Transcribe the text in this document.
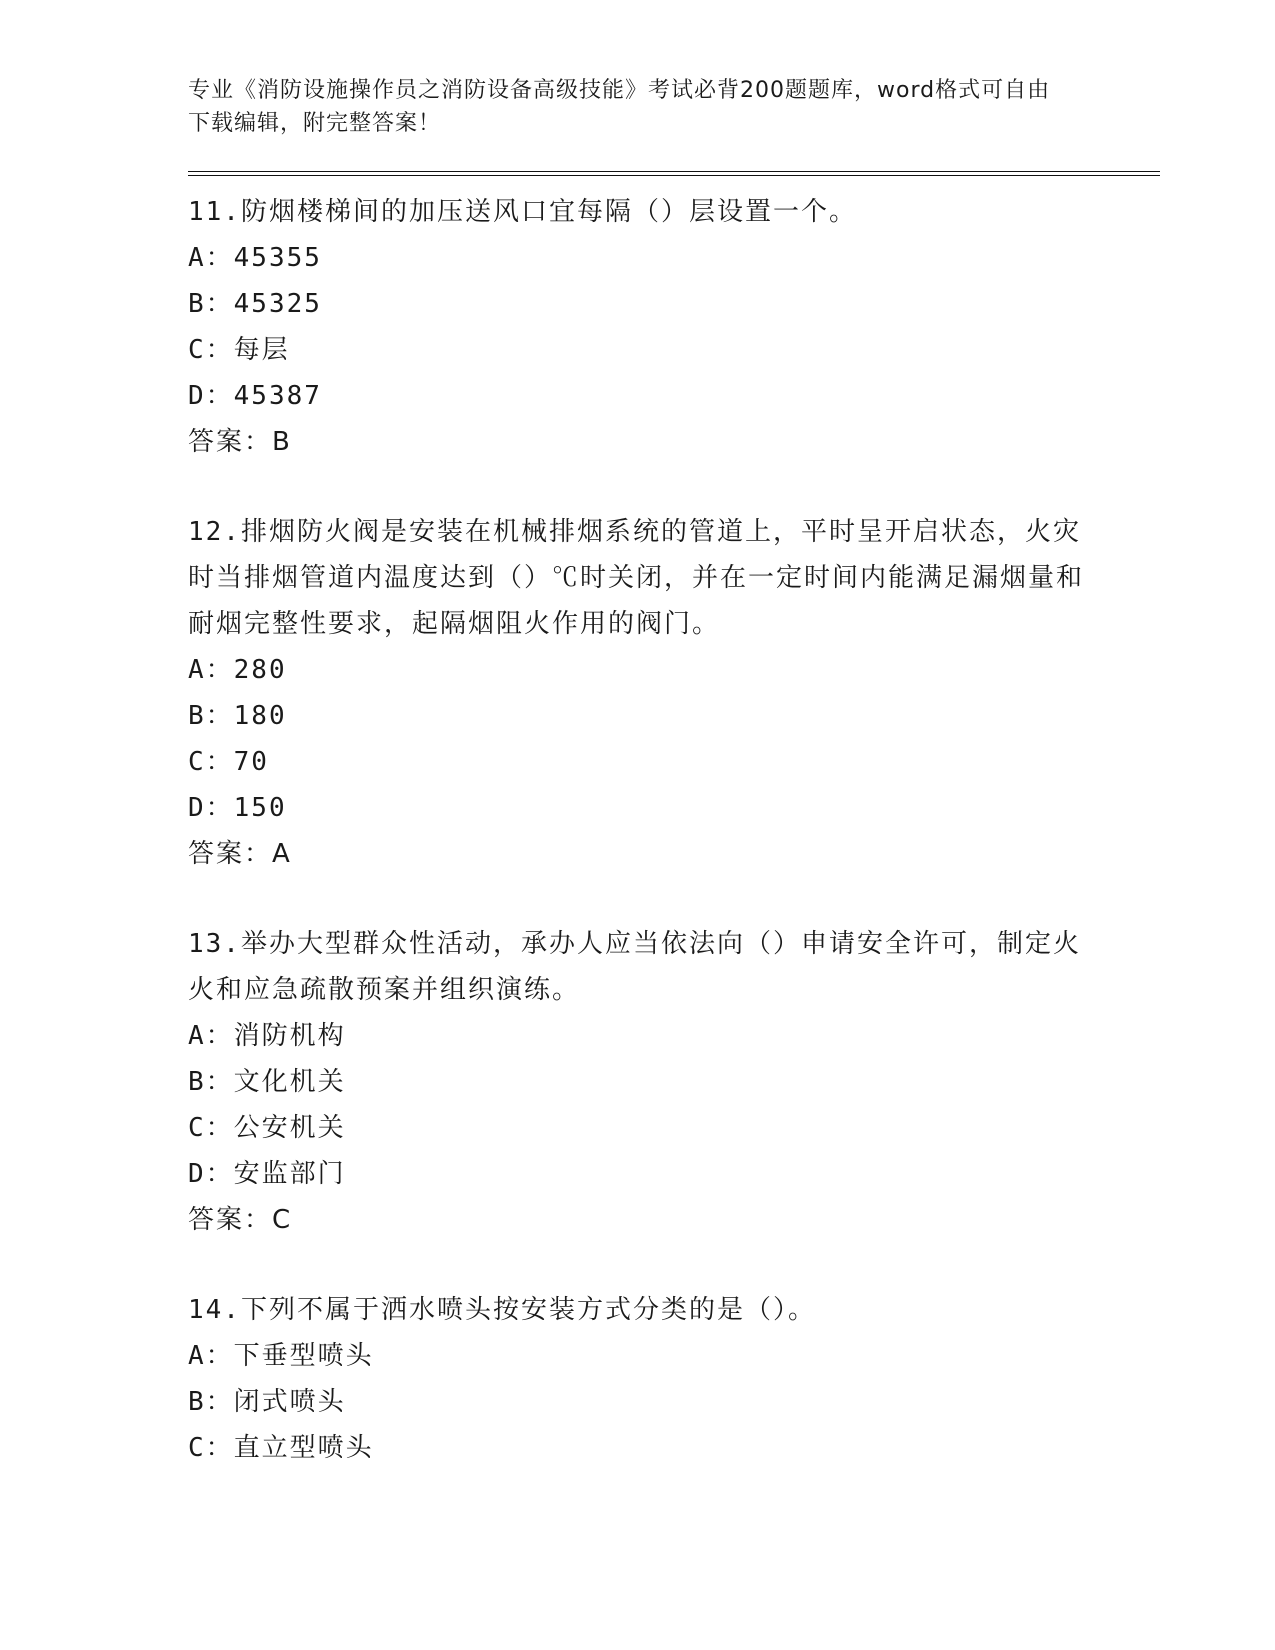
专业《消防设施操作员之消防设备高级技能》考试必背200题题库，word格式可自由下载编辑，附完整答案！
11.防烟楼梯间的加压送风口宜每隔（）层设置一个。
A：45355
B：45325
C：每层
D：45387
答案：B
12.排烟防火阀是安装在机械排烟系统的管道上，平时呈开启状态，火灾时当排烟管道内温度达到（）℃时关闭，并在一定时间内能满足漏烟量和耐烟完整性要求，起隔烟阻火作用的阀门。
A：280
B：180
C：70
D：150
答案：A
13.举办大型群众性活动，承办人应当依法向（）申请安全许可，制定火火和应急疏散预案并组织演练。
A：消防机构
B：文化机关
C：公安机关
D：安监部门
答案：C
14.下列不属于洒水喷头按安装方式分类的是（）。
A：下垂型喷头
B：闭式喷头
C：直立型喷头
